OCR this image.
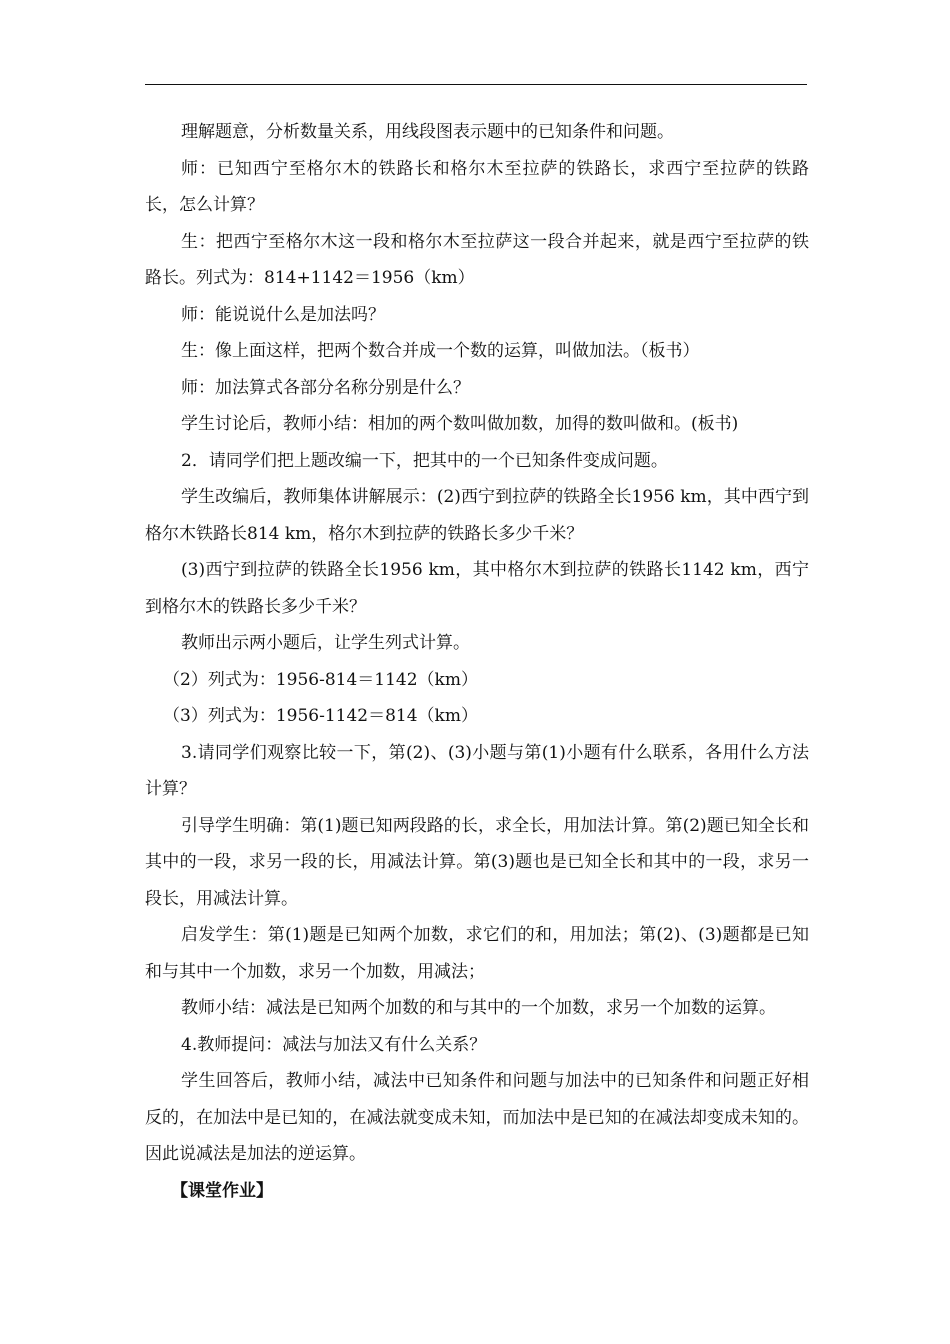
理解题意，分析数量关系，用线段图表示题中的已知条件和问题。

师：已知西宁至格尔木的铁路长和格尔木至拉萨的铁路长，求西宁至拉萨的铁路长，怎么计算？

生：把西宁至格尔木这一段和格尔木至拉萨这一段合并起来，就是西宁至拉萨的铁路长。列式为：814+1142＝1956（km）

师：能说说什么是加法吗？

生：像上面这样，把两个数合并成一个数的运算，叫做加法。（板书）

师：加法算式各部分名称分别是什么？

学生讨论后，教师小结：相加的两个数叫做加数，加得的数叫做和。(板书)

2．请同学们把上题改编一下，把其中的一个已知条件变成问题。

学生改编后，教师集体讲解展示：(2)西宁到拉萨的铁路全长1956 km，其中西宁到格尔木铁路长814 km，格尔木到拉萨的铁路长多少千米？

(3)西宁到拉萨的铁路全长1956 km，其中格尔木到拉萨的铁路长1142 km，西宁到格尔木的铁路长多少千米？

教师出示两小题后，让学生列式计算。

（2）列式为：1956-814＝1142（km）

（3）列式为：1956-1142＝814（km）

3.请同学们观察比较一下，第(2)、(3)小题与第(1)小题有什么联系，各用什么方法计算？

引导学生明确：第(1)题已知两段路的长，求全长，用加法计算。第(2)题已知全长和其中的一段，求另一段的长，用减法计算。第(3)题也是已知全长和其中的一段，求另一段长，用减法计算。

启发学生：第(1)题是已知两个加数，求它们的和，用加法；第(2)、(3)题都是已知和与其中一个加数，求另一个加数，用减法；

教师小结：减法是已知两个加数的和与其中的一个加数，求另一个加数的运算。

4.教师提问：减法与加法又有什么关系？

学生回答后，教师小结，减法中已知条件和问题与加法中的已知条件和问题正好相反的，在加法中是已知的，在减法就变成未知，而加法中是已知的在减法却变成未知的。因此说减法是加法的逆运算。

【课堂作业】
